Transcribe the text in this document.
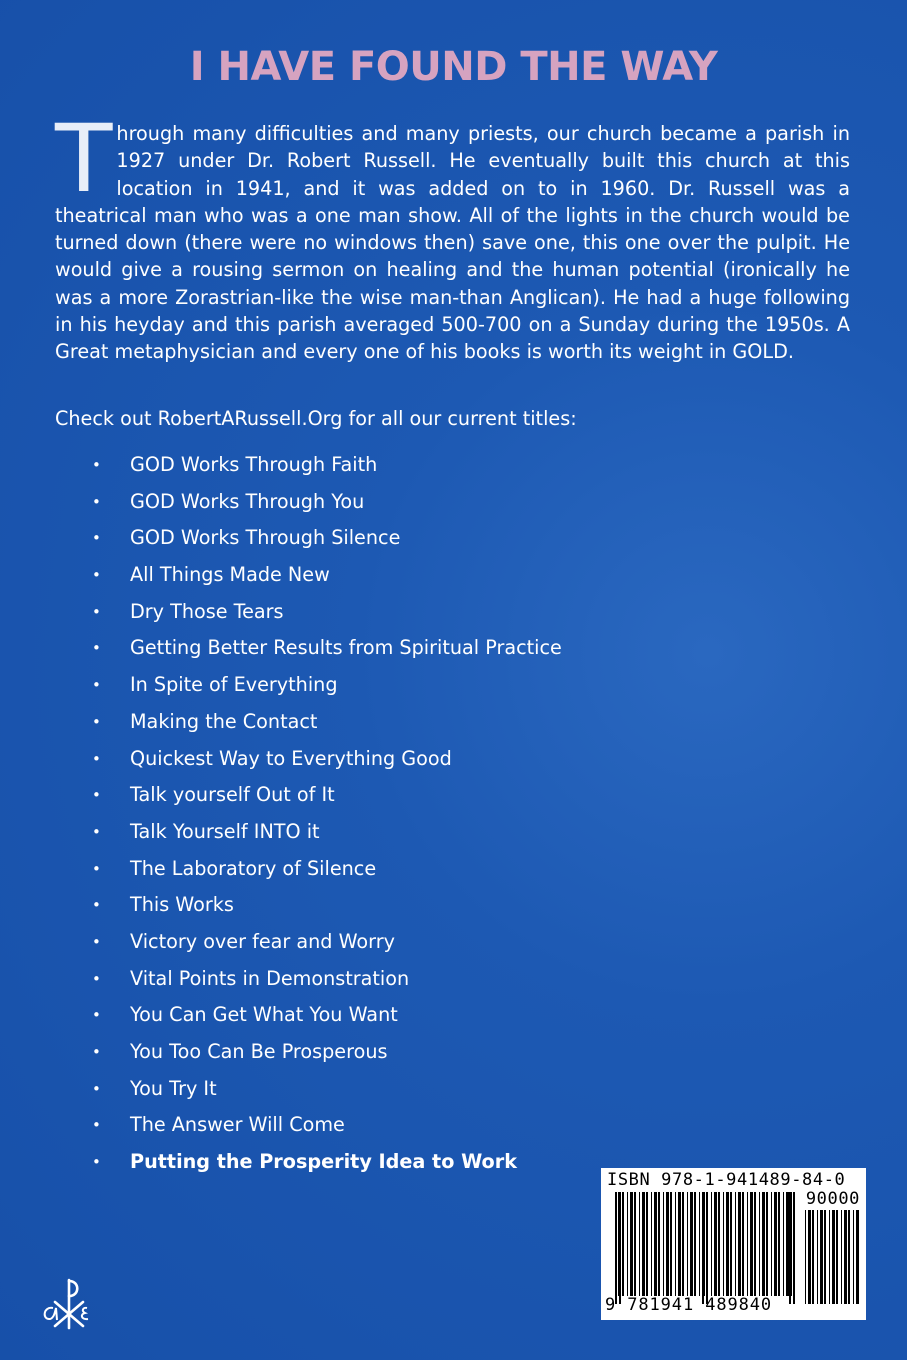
I HAVE FOUND THE WAY

Through many difficulties and many priests, our church became a parish in 1927 under Dr. Robert Russell. He eventually built this church at this location in 1941, and it was added on to in 1960. Dr. Russell was a theatrical man who was a one man show. All of the lights in the church would be turned down (there were no windows then) save one, this one over the pulpit. He would give a rousing sermon on healing and the human potential (ironically he was a more Zorastrian-like the wise man-than Anglican). He had a huge following in his heyday and this parish averaged 500-700 on a Sunday during the 1950s. A Great metaphysician and every one of his books is worth its weight in GOLD.

Check out RobertARussell.Org for all our current titles:

• GOD Works Through Faith
• GOD Works Through You
• GOD Works Through Silence
• All Things Made New
• Dry Those Tears
• Getting Better Results from Spiritual Practice
• In Spite of Everything
• Making the Contact
• Quickest Way to Everything Good
• Talk yourself Out of It
• Talk Yourself INTO it
• The Laboratory of Silence
• This Works
• Victory over fear and Worry
• Vital Points in Demonstration
• You Can Get What You Want
• You Too Can Be Prosperous
• You Try It
• The Answer Will Come
• Putting the Prosperity Idea to Work
ISBN 978-1-941489-84-0
90000
9 781941 489840
